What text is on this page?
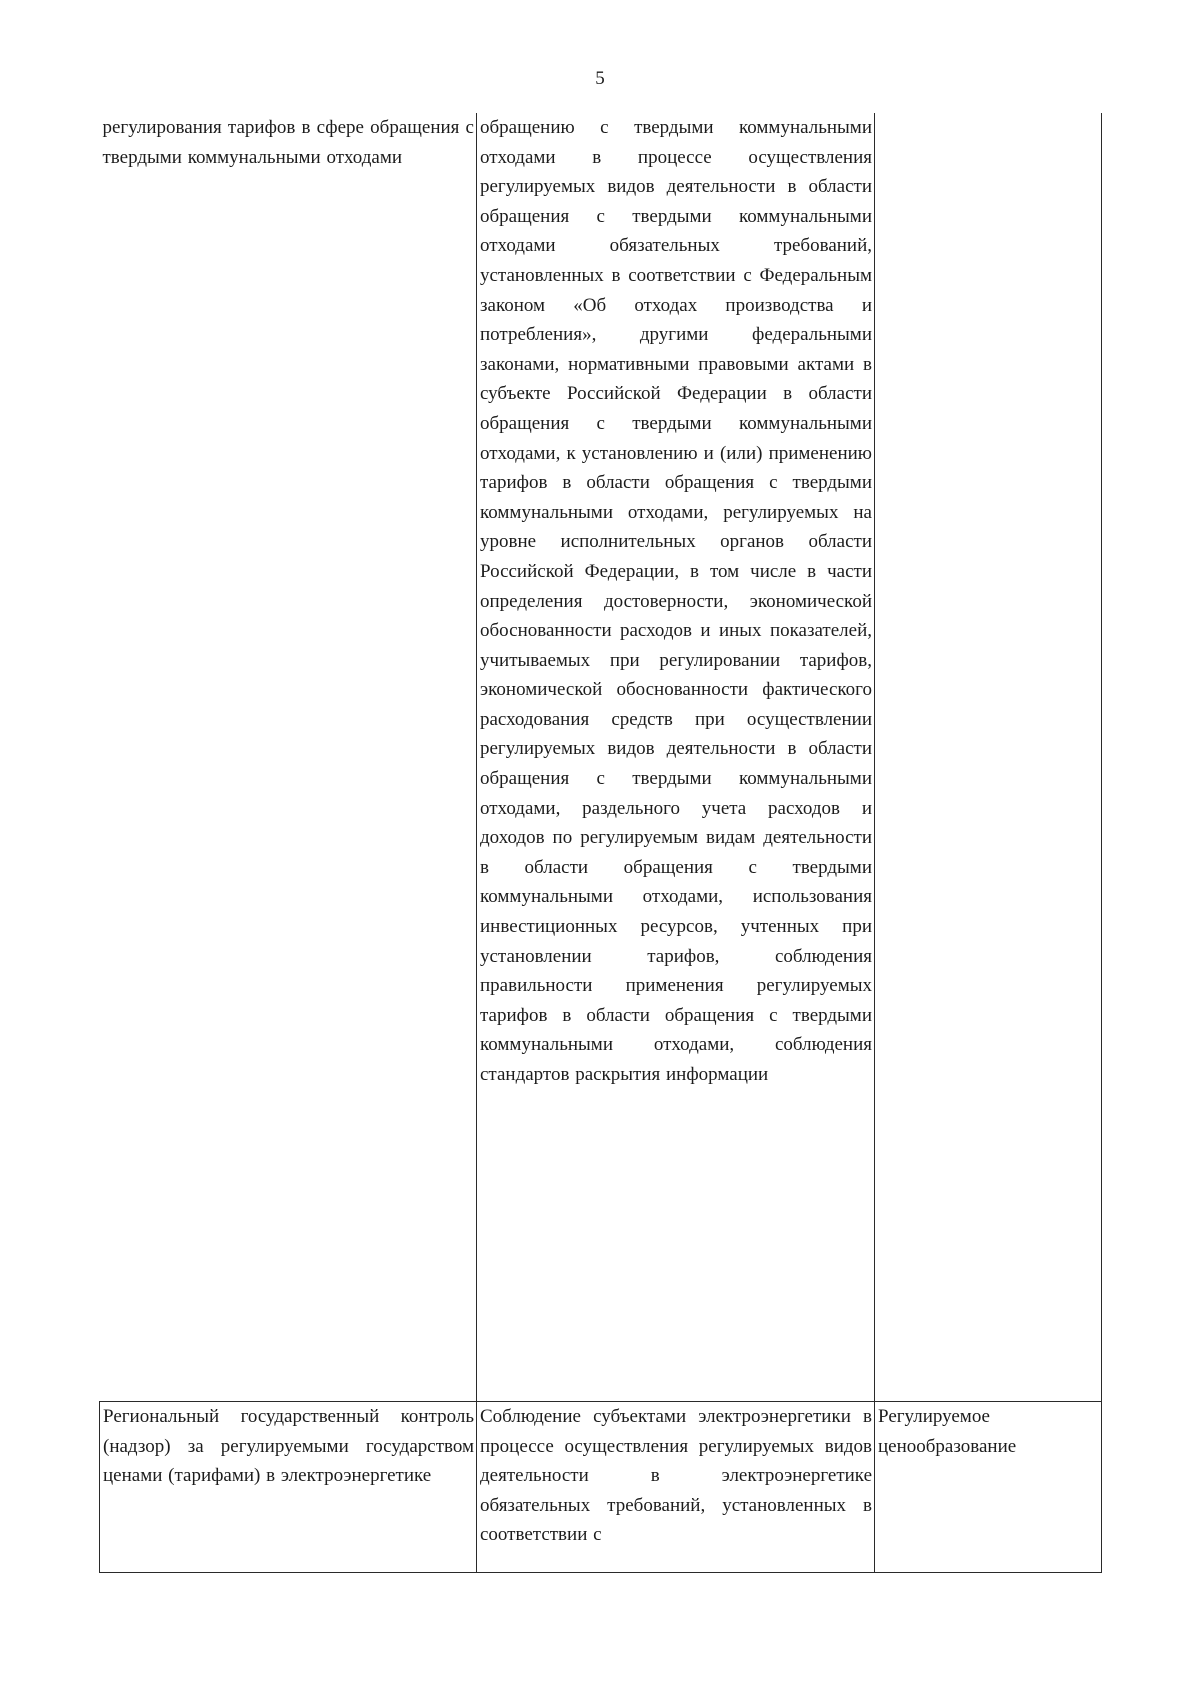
5
регулирования тарифов в сфере обращения с твердыми коммунальными отходами	обращению с твердыми коммунальными отходами в процессе осуществления регулируемых видов деятельности в области обращения с твердыми коммунальными отходами обязательных требований, установленных в соответствии с Федеральным законом «Об отходах производства и потребления», другими федеральными законами, нормативными правовыми актами в субъекте Российской Федерации в области обращения с твердыми коммунальными отходами, к установлению и (или) применению тарифов в области обращения с твердыми коммунальными отходами, регулируемых на уровне исполнительных органов области Российской Федерации, в том числе в части определения достоверности, экономической обоснованности расходов и иных показателей, учитываемых при регулировании тарифов, экономической обоснованности фактического расходования средств при осуществлении регулируемых видов деятельности в области обращения с твердыми коммунальными отходами, раздельного учета расходов и доходов по регулируемым видам деятельности в области обращения с твердыми коммунальными отходами, использования инвестиционных ресурсов, учтенных при установлении тарифов, соблюдения правильности применения регулируемых тарифов в области обращения с твердыми коммунальными отходами, соблюдения стандартов раскрытия информации	

Региональный государственный контроль (надзор) за регулируемыми государством ценами (тарифами) в электроэнергетике	Соблюдение субъектами электроэнергетики в процессе осуществления регулируемых видов деятельности в электроэнергетике обязательных требований, установленных в соответствии с	Регулируемое ценообразование
